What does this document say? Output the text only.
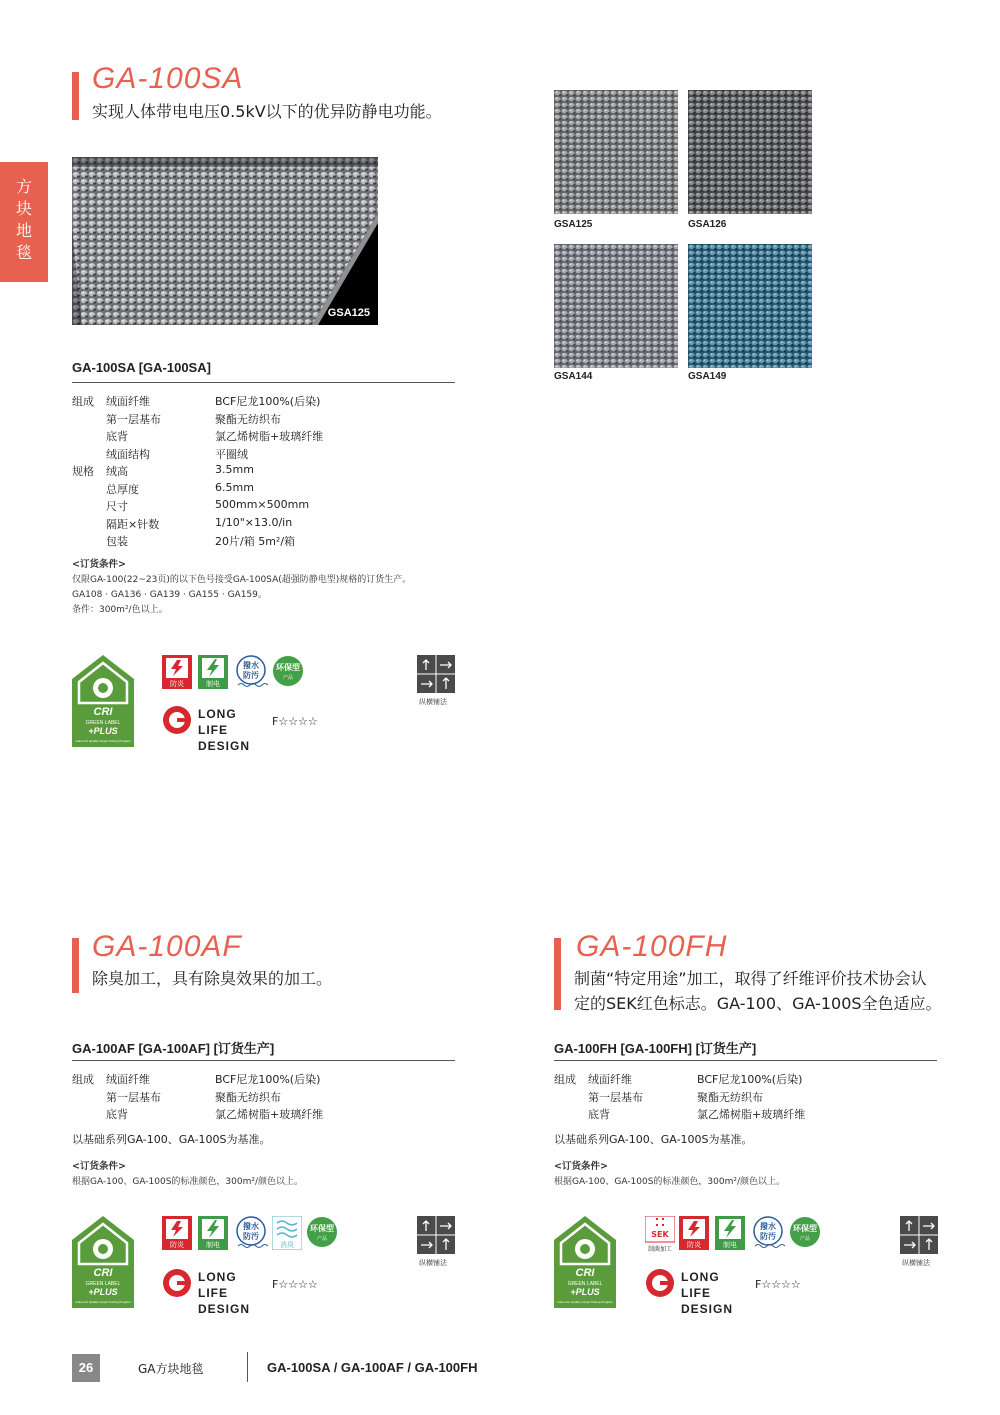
方
块
地
毯
GA-100SA
实现人体带电电压0.5kV以下的优异防静电功能。
GSA125
GA-100SA [GA-100SA]
组成 绒面纤维	BCF尼龙100%(后染)
第一层基布	聚酯无纺织布
底背	氯乙烯树脂+玻璃纤维
绒面结构	平圈绒
规格 绒高	3.5mm
总厚度	6.5mm
尺寸	500mm×500mm
隔距×针数	1/10"×13.0/in
包装	20片/箱 5m²/箱
<订货条件>
仅限GA-100(22~23页)的以下色号接受GA-100SA(超强防静电型)规格的订货生产。
GA108 · GA136 · GA139 · GA155 · GA159。
条件：300m²/色以上。
CRI
GREEN LABEL
+PLUS
Indoor Air Quality Carpet Testing Program
防炎	制电
撥水
防汚
环保型
产品
LONG LIFE
DESIGN
F☆☆☆☆
纵横铺法
GSA125	GSA126
GSA144	GSA149
GA-100AF
除臭加工，具有除臭效果的加工。
GA-100AF [GA-100AF] [订货生产]
组成 绒面纤维	BCF尼龙100%(后染)
第一层基布	聚酯无纺织布
底背	氯乙烯树脂+玻璃纤维
以基础系列GA-100、GA-100S为基准。
<订货条件>
根据GA-100、GA-100S的标准颜色，300m²/颜色以上。
CRI
GREEN LABEL
+PLUS
Indoor Air Quality Carpet Testing Program
防炎	制电
撥水
防汚
消臭
环保型
产品
LONG LIFE
DESIGN
F☆☆☆☆
纵横铺法
GA-100FH
制菌“特定用途”加工，取得了纤维评价技术协会认
定的SEK红色标志。GA-100、GA-100S全色适应。
GA-100FH [GA-100FH] [订货生产]
组成 绒面纤维	BCF尼龙100%(后染)
第一层基布	聚酯无纺织布
底背	氯乙烯树脂+玻璃纤维
以基础系列GA-100、GA-100S为基准。
<订货条件>
根据GA-100、GA-100S的标准颜色，300m²/颜色以上。
CRI
GREEN LABEL
+PLUS
Indoor Air Quality Carpet Testing Program
SEK
制菌加工
防炎	制电
撥水
防汚
环保型
产品
LONG LIFE
DESIGN
F☆☆☆☆
纵横铺法
26	GA方块地毯	GA-100SA / GA-100AF / GA-100FH
